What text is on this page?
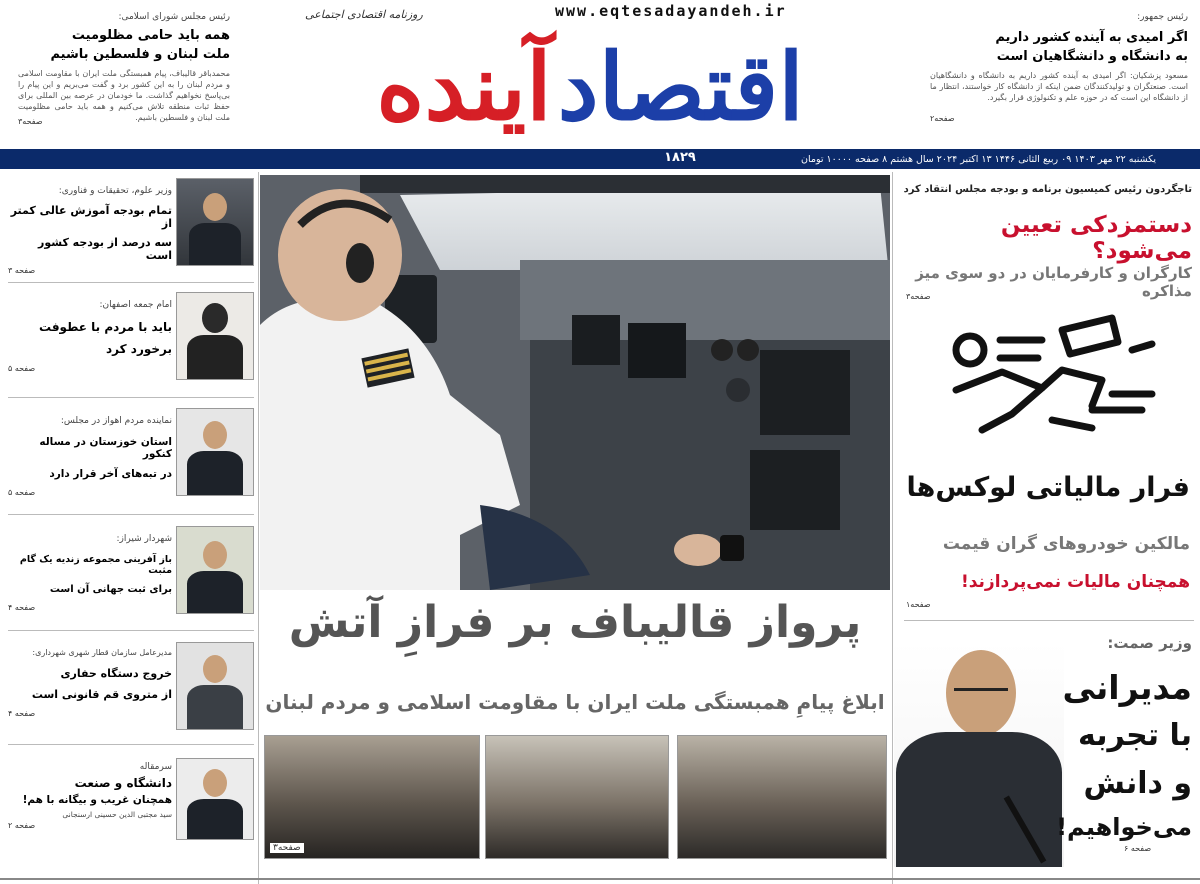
www.eqtesadayandeh.ir
روزنامه اقتصادی اجتماعی
اقتصاد
آینده
رئیس مجلس شورای اسلامی:
همه باید حامی مظلومیت
ملت لبنان و فلسطین باشیم
محمدباقر قالیباف، پیام همبستگی ملت ایران با مقاومت اسلامی و مردم لبنان را به این کشور برد و گفت می‌بریم و این پیام را بی‌پاسخ نخواهیم گذاشت. ما خودمان در عرصه بین المللی برای حفظ ثبات منطقه تلاش می‌کنیم و همه باید حامی مظلومیت ملت لبنان و فلسطین باشیم.
صفحه۳
رئیس جمهور:
اگر امیدی به آینده کشور داریم
به دانشگاه و دانشگاهیان است
مسعود پزشکیان: اگر امیدی به آینده کشور داریم به دانشگاه و دانشگاهیان است. صنعتگران و تولیدکنندگان ضمن اینکه از دانشگاه کار خواستند، انتظار ما از دانشگاه این است که در حوزه علم و تکنولوژی قرار بگیرد.
صفحه۲
یکشنبه ۲۲ مهر ۱۴۰۳ ۰۹ ربیع الثانی ۱۴۴۶ ۱۳ اکتبر ۲۰۲۴ سال هشتم ۸ صفحه ۱۰۰۰۰ تومان
۱۸۲۹
وزیر علوم، تحقیقات و فناوری:
تمام بودجه آموزش عالی کمتر از
سه درصد از بودجه کشور است
صفحه ۳
امام جمعه اصفهان:
باید با مردم با عطوفت
برخورد کرد
صفحه ۵
نماینده مردم اهواز در مجلس:
استان خوزستان در مساله کنکور
در تبه‌های آخر قرار دارد
صفحه ۵
شهردار شیراز:
باز آفرینی مجموعه زندیه یک گام مثبت
برای ثبت جهانی آن است
صفحه ۴
مدیرعامل سازمان قطار شهری شهرداری:
خروج دستگاه حفاری
از متروی قم قانونی است
صفحه ۴
سرمقاله
دانشگاه و صنعت
همچنان غریب و بیگانه با هم!
سید مجتبی الدین حسینی ارسنجانی
صفحه ۲
پرواز قالیباف بر فرازِ آتش
ابلاغ پیامِ همبستگی ملت ایران با مقاومت اسلامی و مردم لبنان
صفحه۳
تاجگردون رئیس کمیسیون برنامه و بودجه مجلس انتقاد کرد
دستمزدکی تعیین می‌شود؟
کارگران و کارفرمایان در دو سوی میز مذاکره
صفحه۳
فرار مالیاتی لوکس‌ها
مالکین خودروهای گران قیمت
همچنان مالیات نمی‌پردازند!
صفحه۱
وزیر صمت:
مدیرانی
با تجربه
و دانش
می‌خواهیم!
صفحه ۶
